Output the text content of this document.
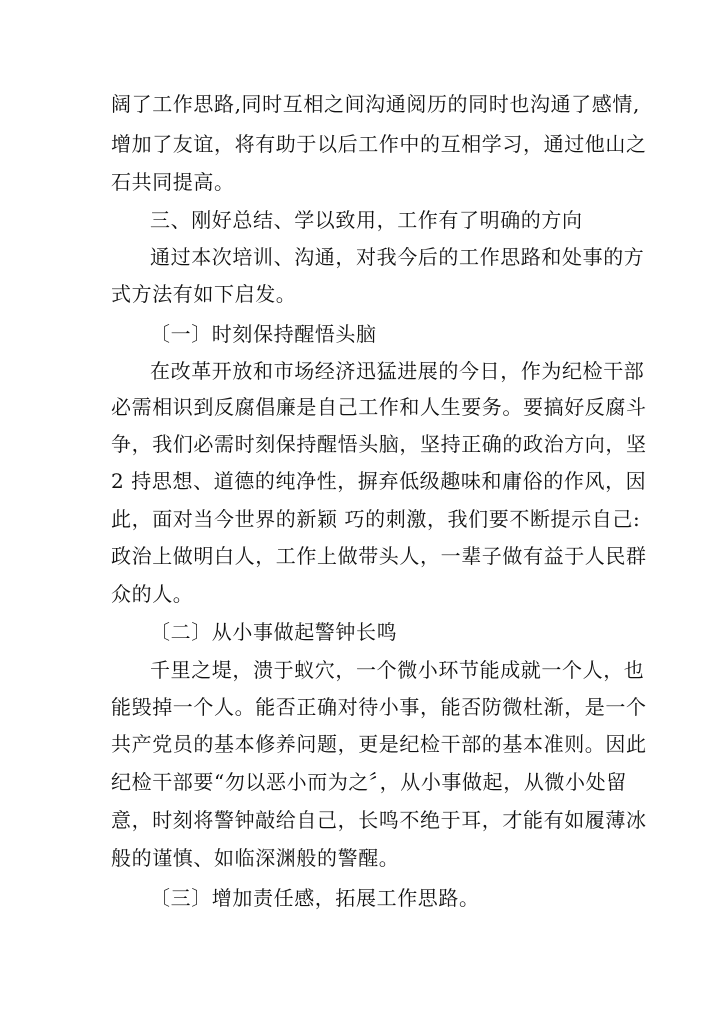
阔了工作思路,同时互相之间沟通阅历的同时也沟通了感情,
增加了友谊，将有助于以后工作中的互相学习，通过他山之
石共同提高。
三、刚好总结、学以致用，工作有了明确的方向
通过本次培训、沟通，对我今后的工作思路和处事的方
式方法有如下启发。
〔一〕时刻保持醒悟头脑
在改革开放和市场经济迅猛进展的今日，作为纪检干部
必需相识到反腐倡廉是自己工作和人生要务。要搞好反腐斗
争，我们必需时刻保持醒悟头脑，坚持正确的政治方向，坚
2 持思想、道德的纯净性，摒弃低级趣味和庸俗的作风，因
此，面对当今世界的新颖 巧的刺激，我们要不断提示自己:
政治上做明白人，工作上做带头人，一辈子做有益于人民群
众的人。
〔二〕从小事做起警钟长鸣
千里之堤，溃于蚁穴，一个微小环节能成就一个人，也
能毁掉一个人。能否正确对待小事，能否防微杜渐，是一个
共产党员的基本修养问题，更是纪检干部的基本准则。因此
纪检干部要“勿以恶小而为之〞，从小事做起，从微小处留
意，时刻将警钟敲给自己，长鸣不绝于耳，才能有如履薄冰
般的谨慎、如临深渊般的警醒。
〔三〕增加责任感，拓展工作思路。
